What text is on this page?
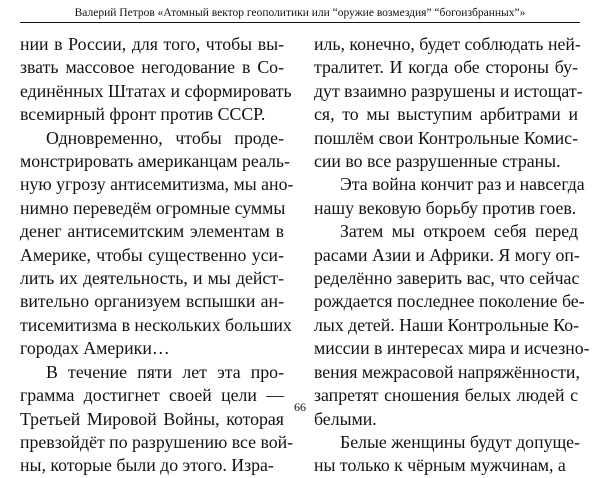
Валерий Петров «Атомный вектор геополитики или “оружие возмездия” “богоизбранных”»

нии в России, для того, чтобы вы-
звать массовое негодование в Со-
единённых Штатах и сформировать
всемирный фронт против СССР.

Одновременно, чтобы проде-
монстрировать американцам реаль-
ную угрозу антисемитизма, мы ано-
нимно переведём огромные суммы
денег антисемитским элементам в
Америке, чтобы существенно уси-
лить их деятельность, и мы дейст-
вительно организуем вспышки ан-
тисемитизма в нескольких больших
городах Америки…

В течение пяти лет эта про-
грамма достигнет своей цели —
Третьей Мировой Войны, которая
превзойдёт по разрушению все вой-
ны, которые были до этого. Изра-

иль, конечно, будет соблюдать ней-
тралитет. И когда обе стороны бу-
дут взаимно разрушены и истощат-
ся, то мы выступим арбитрами и
пошлём свои Контрольные Комис-
сии во все разрушенные страны.

Эта война кончит раз и навсегда
нашу вековую борьбу против гоев.

Затем мы откроем себя перед
расами Азии и Африки. Я могу оп-
ределённо заверить вас, что сейчас
рождается последнее поколение бе-
лых детей. Наши Контрольные Ко-
миссии в интересах мира и исчезно-
вения межрасовой напряжённости,
запретят сношения белых людей с
белыми.

Белые женщины будут допуще-
ны только к чёрным мужчинам, а

66
